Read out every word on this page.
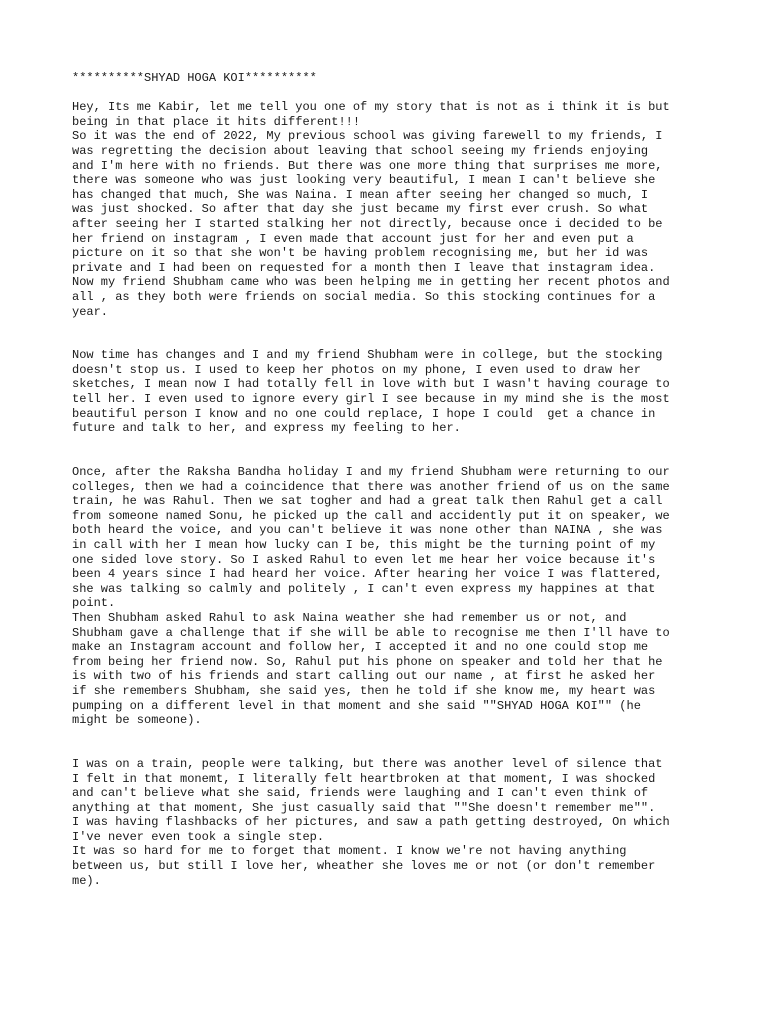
**********SHYAD HOGA KOI**********
Hey, Its me Kabir, let me tell you one of my story that is not as i think it is but
being in that place it hits different!!!
So it was the end of 2022, My previous school was giving farewell to my friends, I
was regretting the decision about leaving that school seeing my friends enjoying
and I'm here with no friends. But there was one more thing that surprises me more,
there was someone who was just looking very beautiful, I mean I can't believe she
has changed that much, She was Naina. I mean after seeing her changed so much, I
was just shocked. So after that day she just became my first ever crush. So what
after seeing her I started stalking her not directly, because once i decided to be
her friend on instagram , I even made that account just for her and even put a
picture on it so that she won't be having problem recognising me, but her id was
private and I had been on requested for a month then I leave that instagram idea.
Now my friend Shubham came who was been helping me in getting her recent photos and
all , as they both were friends on social media. So this stocking continues for a
year.
Now time has changes and I and my friend Shubham were in college, but the stocking
doesn't stop us. I used to keep her photos on my phone, I even used to draw her
sketches, I mean now I had totally fell in love with but I wasn't having courage to
tell her. I even used to ignore every girl I see because in my mind she is the most
beautiful person I know and no one could replace, I hope I could  get a chance in
future and talk to her, and express my feeling to her.
Once, after the Raksha Bandha holiday I and my friend Shubham were returning to our
colleges, then we had a coincidence that there was another friend of us on the same
train, he was Rahul. Then we sat togher and had a great talk then Rahul get a call
from someone named Sonu, he picked up the call and accidently put it on speaker, we
both heard the voice, and you can't believe it was none other than NAINA , she was
in call with her I mean how lucky can I be, this might be the turning point of my
one sided love story. So I asked Rahul to even let me hear her voice because it's
been 4 years since I had heard her voice. After hearing her voice I was flattered,
she was talking so calmly and politely , I can't even express my happines at that
point.
Then Shubham asked Rahul to ask Naina weather she had remember us or not, and
Shubham gave a challenge that if she will be able to recognise me then I'll have to
make an Instagram account and follow her, I accepted it and no one could stop me
from being her friend now. So, Rahul put his phone on speaker and told her that he
is with two of his friends and start calling out our name , at first he asked her
if she remembers Shubham, she said yes, then he told if she know me, my heart was
pumping on a different level in that moment and she said ""SHYAD HOGA KOI"" (he
might be someone).
I was on a train, people were talking, but there was another level of silence that
I felt in that monemt, I literally felt heartbroken at that moment, I was shocked
and can't believe what she said, friends were laughing and I can't even think of
anything at that moment, She just casually said that ""She doesn't remember me"".
I was having flashbacks of her pictures, and saw a path getting destroyed, On which
I've never even took a single step.
It was so hard for me to forget that moment. I know we're not having anything
between us, but still I love her, wheather she loves me or not (or don't remember
me).
